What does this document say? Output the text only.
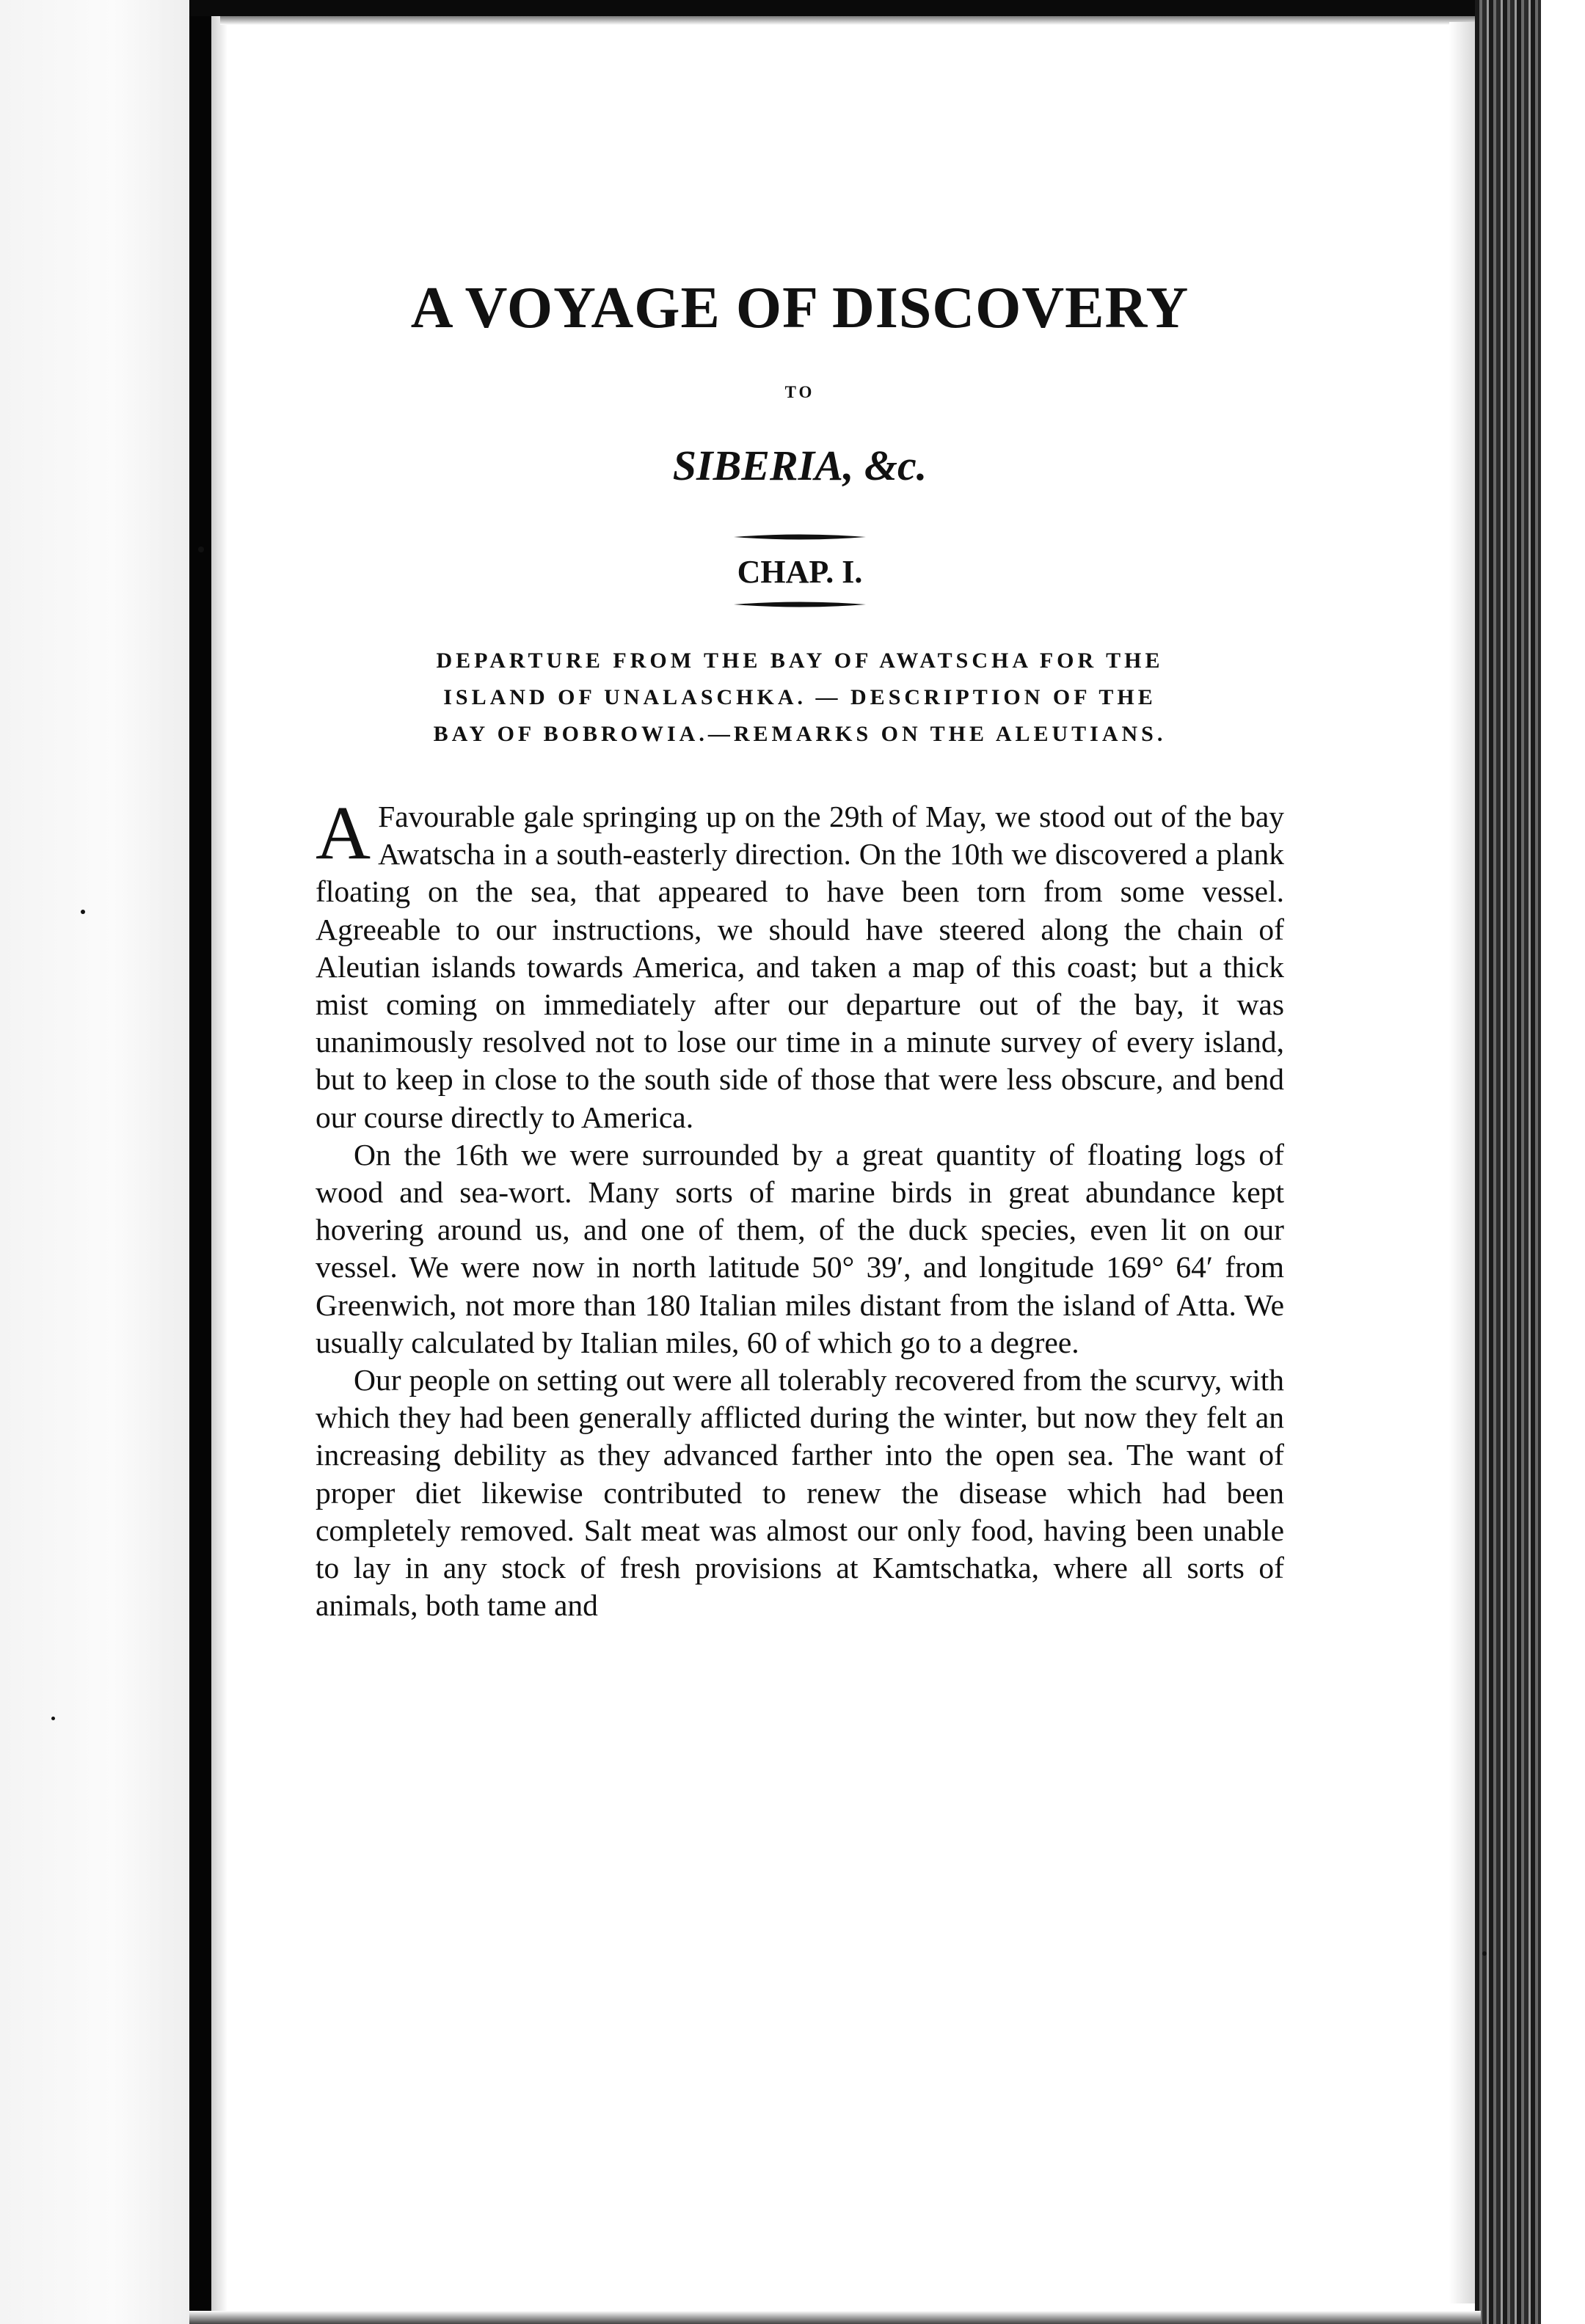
A VOYAGE OF DISCOVERY
TO
SIBERIA, &c.
CHAP. I.
DEPARTURE FROM THE BAY OF AWATSCHA FOR THE
ISLAND OF UNALASCHKA. — DESCRIPTION OF THE
BAY OF BOBROWIA.—REMARKS ON THE ALEUTIANS.

A Favourable gale springing up on the 29th of May, we stood out of the bay Awatscha in a south-easterly direction. On the 10th we discovered a plank floating on the sea, that appeared to have been torn from some vessel. Agreeable to our instructions, we should have steered along the chain of Aleutian islands towards America, and taken a map of this coast; but a thick mist coming on immediately after our departure out of the bay, it was unanimously resolved not to lose our time in a minute survey of every island, but to keep in close to the south side of those that were less obscure, and bend our course directly to America.

On the 16th we were surrounded by a great quantity of floating logs of wood and sea-wort. Many sorts of marine birds in great abundance kept hovering around us, and one of them, of the duck species, even lit on our vessel. We were now in north latitude 50° 39′, and longitude 169° 64′ from Greenwich, not more than 180 Italian miles distant from the island of Atta. We usually calculated by Italian miles, 60 of which go to a degree.

Our people on setting out were all tolerably recovered from the scurvy, with which they had been generally afflicted during the winter, but now they felt an increasing debility as they advanced farther into the open sea. The want of proper diet likewise contributed to renew the disease which had been completely removed. Salt meat was almost our only food, having been unable to lay in any stock of fresh provisions at Kamtschatka, where all sorts of animals, both tame and
